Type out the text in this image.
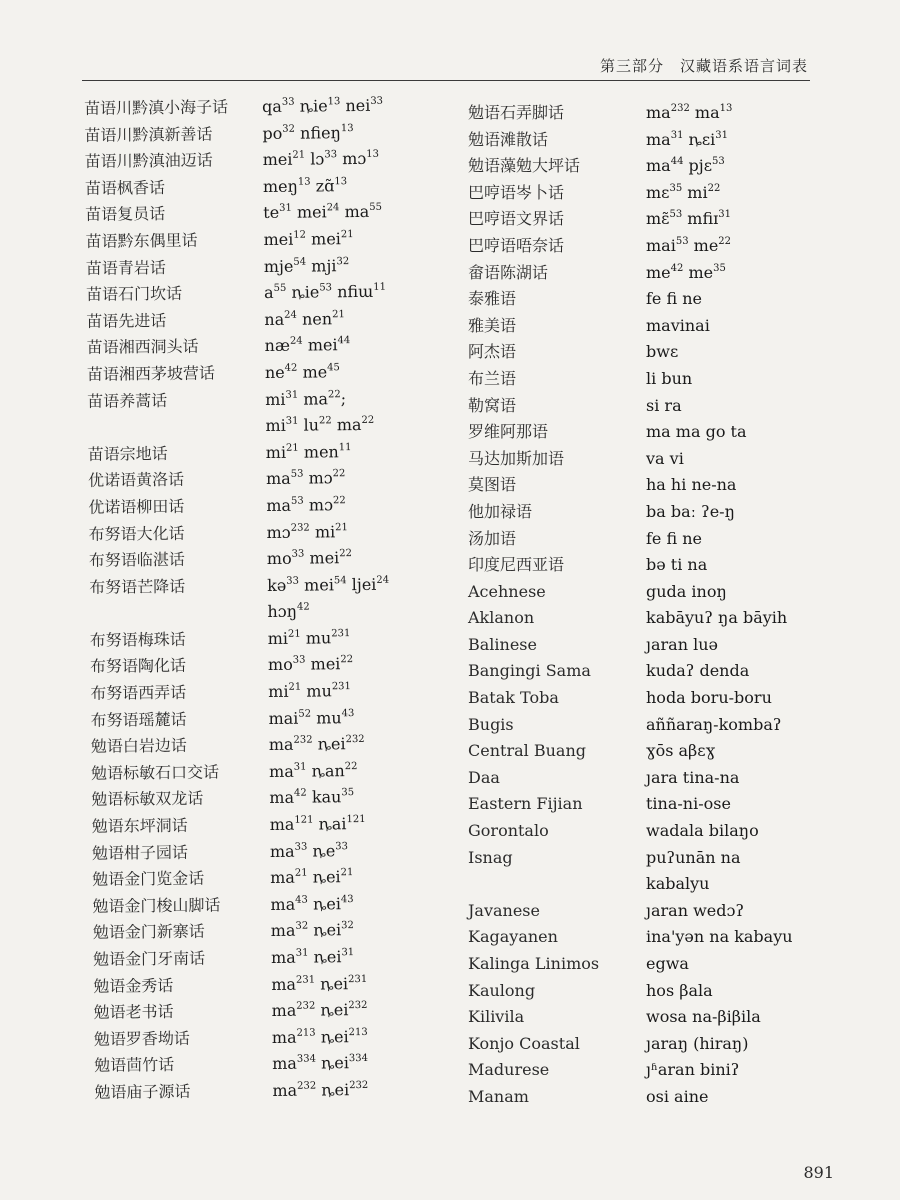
第三部分　汉藏语系语言词表
苗语川黔滇小海子话	$qa^{33}$ ȵie$^{13}$ nei$^{33}$
苗语川黔滇新善话	$po^{32}$ nfieŋ$^{13}$
苗语川黔滇油迈话	mei$^{21}$ lɔ$^{33}$ mɔ$^{13}$
苗语枫香话	meŋ$^{13}$ zɑ̃$^{13}$
苗语复员话	$te^{31}$ mei$^{24}$ $ma^{55}$
苗语黔东偶里话	mei$^{12}$ mei$^{21}$
苗语青岩话	mje$^{54}$ mji$^{32}$
苗语石门坎话	$a^{55}$ ȵie$^{53}$ nfiɯ$^{11}$
苗语先进话	$na^{24}$ nen$^{21}$
苗语湘西洞头话	$næ^{24}$ mei$^{44}$
苗语湘西茅坡营话	$ne^{42}$ $me^{45}$
苗语养蒿话	$mi^{31}$ $ma^{22}$;
$mi^{31}$ $lu^{22}$ $ma^{22}$
苗语宗地话	$mi^{21}$ men$^{11}$
优诺语黄洛话	$ma^{53}$ mɔ$^{22}$
优诺语柳田话	$ma^{53}$ mɔ$^{22}$
布努语大化话	mɔ$^{232}$ $mi^{21}$
布努语临湛话	$mo^{33}$ mei$^{22}$
布努语芒降话	kə$^{33}$ mei$^{54}$ ljei$^{24}$
hɔŋ$^{42}$
布努语梅珠话	$mi^{21}$ $mu^{231}$
布努语陶化话	$mo^{33}$ mei$^{22}$
布努语西弄话	$mi^{21}$ $mu^{231}$
布努语瑶麓话	mai$^{52}$ $mu^{43}$
勉语白岩边话	$ma^{232}$ ȵei$^{232}$
勉语标敏石口交话	$ma^{31}$ ȵan$^{22}$
勉语标敏双龙话	$ma^{42}$ kau$^{35}$
勉语东坪洞话	$ma^{121}$ ȵai$^{121}$
勉语柑子园话	$ma^{33}$ $ȵe^{33}$
勉语金门览金话	$ma^{21}$ ȵei$^{21}$
勉语金门梭山脚话	$ma^{43}$ ȵei$^{43}$
勉语金门新寨话	$ma^{32}$ ȵei$^{32}$
勉语金门牙南话	$ma^{31}$ ȵei$^{31}$
勉语金秀话	$ma^{231}$ ȵei$^{231}$
勉语老书话	$ma^{232}$ ȵei$^{232}$
勉语罗香坳话	$ma^{213}$ ȵei$^{213}$
勉语茴竹话	$ma^{334}$ ȵei$^{334}$
勉语庙子源话	$ma^{232}$ ȵei$^{232}$
勉语石弄脚话	$ma^{232}$ $ma^{13}$
勉语滩散话	$ma^{31}$ ȵɛi$^{31}$
勉语藻勉大坪话	$ma^{44}$ pjɛ$^{53}$
巴哼语岑卜话	mɛ$^{35}$ $mi^{22}$
巴哼语文界话	mɛ̃$^{53}$ mfiɪ$^{31}$
巴哼语唔奈话	mai$^{53}$ $me^{22}$
畲语陈湖话	$me^{42}$ $me^{35}$
泰雅语	fe fi ne
雅美语	mavinai
阿杰语	bwɛ
布兰语	li bun
勒窝语	si ra
罗维阿那语	ma ma go ta
马达加斯加语	va vi
莫图语	ha hi ne-na
他加禄语	ba baː ʔe-ŋ
汤加语	fe fi ne
印度尼西亚语	bə ti na
Acehnese	guda inoŋ
Aklanon	kabāyuʔ ŋa bāyih
Balinese	ȷaran luə
Bangingi Sama	kudaʔ denda
Batak Toba	hoda boru-boru
Bugis	aññaraŋ-kombaʔ
Central Buang	ɣōs aβɛɣ
Daa	ȷara tina-na
Eastern Fijian	tina-ni-ose
Gorontalo	wadala bilaŋo
Isnag	puʔunān na
kabalyu
Javanese	ȷaran wedɔʔ
Kagayanen	ina'yən na kabayu
Kalinga Linimos	egwa
Kaulong	hos βala
Kilivila	wosa na-βiβila
Konjo Coastal	ȷaraŋ (hiraŋ)
Madurese	ȷʱaran biniʔ
Manam	osi aine
891
